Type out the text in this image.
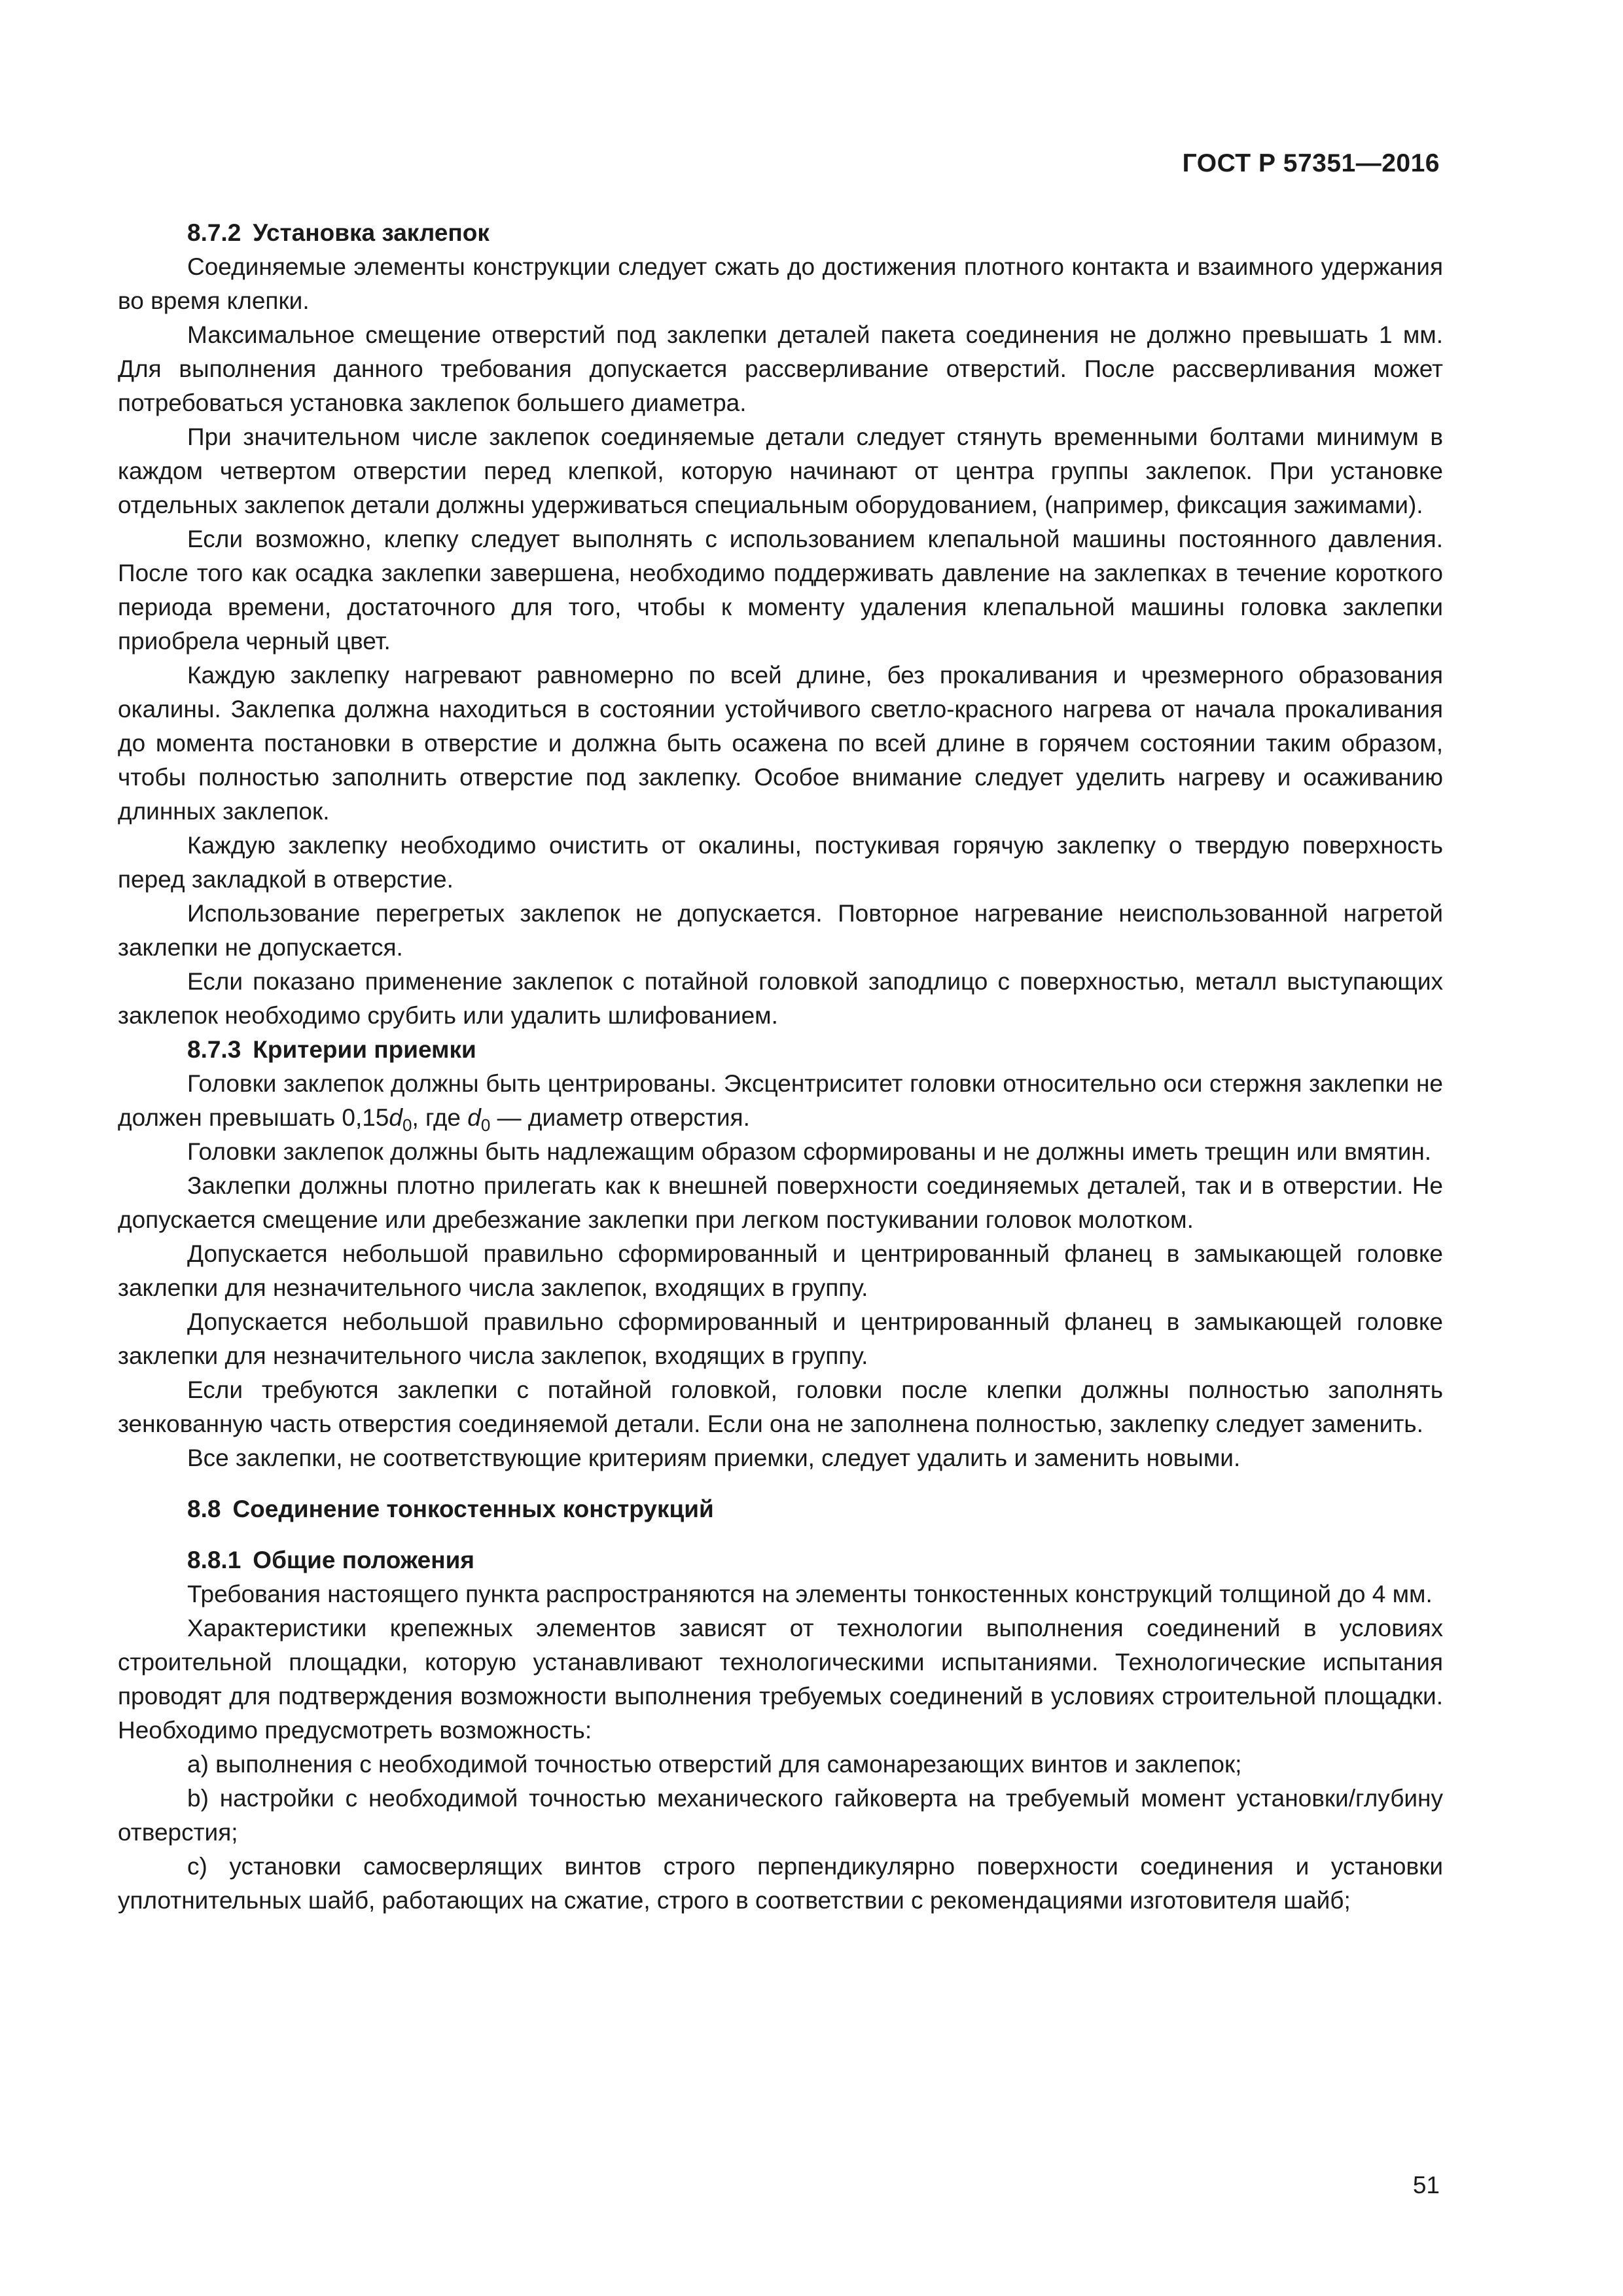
ГОСТ Р 57351—2016

8.7.2 Установка заклепок

Соединяемые элементы конструкции следует сжать до достижения плотного контакта и взаимного удержания во время клепки.

Максимальное смещение отверстий под заклепки деталей пакета соединения не должно превышать 1 мм. Для выполнения данного требования допускается рассверливание отверстий. После рассверливания может потребоваться установка заклепок большего диаметра.

При значительном числе заклепок соединяемые детали следует стянуть временными болтами минимум в каждом четвертом отверстии перед клепкой, которую начинают от центра группы заклепок. При установке отдельных заклепок детали должны удерживаться специальным оборудованием, (например, фиксация зажимами).

Если возможно, клепку следует выполнять с использованием клепальной машины постоянного давления. После того как осадка заклепки завершена, необходимо поддерживать давление на заклепках в течение короткого периода времени, достаточного для того, чтобы к моменту удаления клепальной машины головка заклепки приобрела черный цвет.

Каждую заклепку нагревают равномерно по всей длине, без прокаливания и чрезмерного образования окалины. Заклепка должна находиться в состоянии устойчивого светло-красного нагрева от начала прокаливания до момента постановки в отверстие и должна быть осажена по всей длине в горячем состоянии таким образом, чтобы полностью заполнить отверстие под заклепку. Особое внимание следует уделить нагреву и осаживанию длинных заклепок.

Каждую заклепку необходимо очистить от окалины, постукивая горячую заклепку о твердую поверхность перед закладкой в отверстие.

Использование перегретых заклепок не допускается. Повторное нагревание неиспользованной нагретой заклепки не допускается.

Если показано применение заклепок с потайной головкой заподлицо с поверхностью, металл выступающих заклепок необходимо срубить или удалить шлифованием.

8.7.3 Критерии приемки

Головки заклепок должны быть центрированы. Эксцентриситет головки относительно оси стержня заклепки не должен превышать $0,15d_0$, где $d_0$ — диаметр отверстия.

Головки заклепок должны быть надлежащим образом сформированы и не должны иметь трещин или вмятин.

Заклепки должны плотно прилегать как к внешней поверхности соединяемых деталей, так и в отверстии. Не допускается смещение или дребезжание заклепки при легком постукивании головок молотком.

Допускается небольшой правильно сформированный и центрированный фланец в замыкающей головке заклепки для незначительного числа заклепок, входящих в группу.

Допускается небольшой правильно сформированный и центрированный фланец в замыкающей головке заклепки для незначительного числа заклепок, входящих в группу.

Если требуются заклепки с потайной головкой, головки после клепки должны полностью заполнять зенкованную часть отверстия соединяемой детали. Если она не заполнена полностью, заклепку следует заменить.

Все заклепки, не соответствующие критериям приемки, следует удалить и заменить новыми.

8.8 Соединение тонкостенных конструкций
8.8.1 Общие положения

Требования настоящего пункта распространяются на элементы тонкостенных конструкций толщиной до 4 мм.

Характеристики крепежных элементов зависят от технологии выполнения соединений в условиях строительной площадки, которую устанавливают технологическими испытаниями. Технологические испытания проводят для подтверждения возможности выполнения требуемых соединений в условиях строительной площадки. Необходимо предусмотреть возможность:

а) выполнения с необходимой точностью отверстий для самонарезающих винтов и заклепок;

b) настройки с необходимой точностью механического гайковерта на требуемый момент установки/глубину отверстия;

с) установки самосверлящих винтов строго перпендикулярно поверхности соединения и установки уплотнительных шайб, работающих на сжатие, строго в соответствии с рекомендациями изготовителя шайб;

51
